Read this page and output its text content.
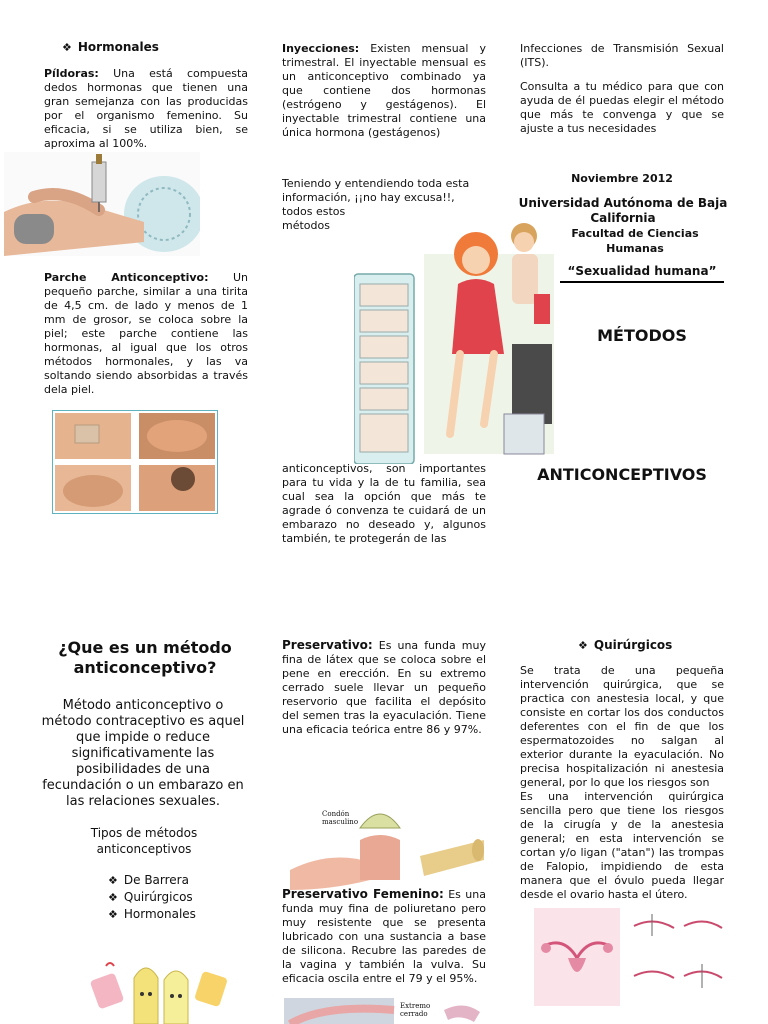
❖ Hormonales

Píldoras: Una está compuesta dedos hormonas que tienen una gran semejanza con las producidas por el organismo femenino. Su eficacia, si se utiliza bien, se aproxima al 100%.

Parche Anticonceptivo: Un pequeño parche, similar a una tirita de 4,5 cm. de lado y menos de 1 mm de grosor, se coloca sobre la piel; este parche contiene las hormonas, al igual que los otros métodos hormonales, y las va soltando siendo absorbidas a través dela piel.

Inyecciones: Existen mensual y trimestral. El inyectable mensual es un anticonceptivo combinado ya que contiene dos hormonas (estrógeno y gestágenos). El inyectable trimestral contiene una única hormona (gestágenos)

Teniendo y entendiendo toda esta información, ¡¡no hay excusa!!, todos estos

métodos

anticonceptivos, son importantes para tu vida y la de tu familia, sea cual sea la opción que más te agrade ó convenza te cuidará de un embarazo no deseado y, algunos también, te protegerán de las

Infecciones de Transmisión Sexual (ITS).

Consulta a tu médico para que con ayuda de él puedas elegir el método que más te convenga y que se ajuste a tus necesidades

Noviembre 2012
Universidad Autónoma de Baja California
Facultad de Ciencias Humanas
“Sexualidad humana”
MÉTODOS
ANTICONCEPTIVOS
¿Que es un método anticonceptivo?
Método anticonceptivo o método contraceptivo es aquel que impide o reduce significativamente las posibilidades de una fecundación o un embarazo en las relaciones sexuales.
Tipos de métodos anticonceptivos
❖ De Barrera
❖ Quirúrgicos
❖ Hormonales

Preservativo: Es una funda muy fina de látex que se coloca sobre el pene en erección. En su extremo cerrado suele llevar un pequeño reservorio que facilita el depósito del semen tras la eyaculación. Tiene una eficacia teórica entre 86 y 97%.

Condón masculino

Preservativo Femenino: Es una funda muy fina de poliuretano pero muy resistente que se presenta lubricado con una sustancia a base de silicona. Recubre las paredes de la vagina y también la vulva. Su eficacia oscila entre el 79 y el 95%.

Extremo cerrado
❖ Quirúrgicos

Se trata de una pequeña intervención quirúrgica, que se practica con anestesia local, y que consiste en cortar los dos conductos deferentes con el fin de que los espermatozoides no salgan al exterior durante la eyaculación. No precisa hospitalización ni anestesia general, por lo que los riesgos son

Es una intervención quirúrgica sencilla pero que tiene los riesgos de la cirugía y de la anestesia general; en esta intervención se cortan y/o ligan ("atan") las trompas de Falopio, impidiendo de esta manera que el óvulo pueda llegar desde el ovario hasta el útero.
